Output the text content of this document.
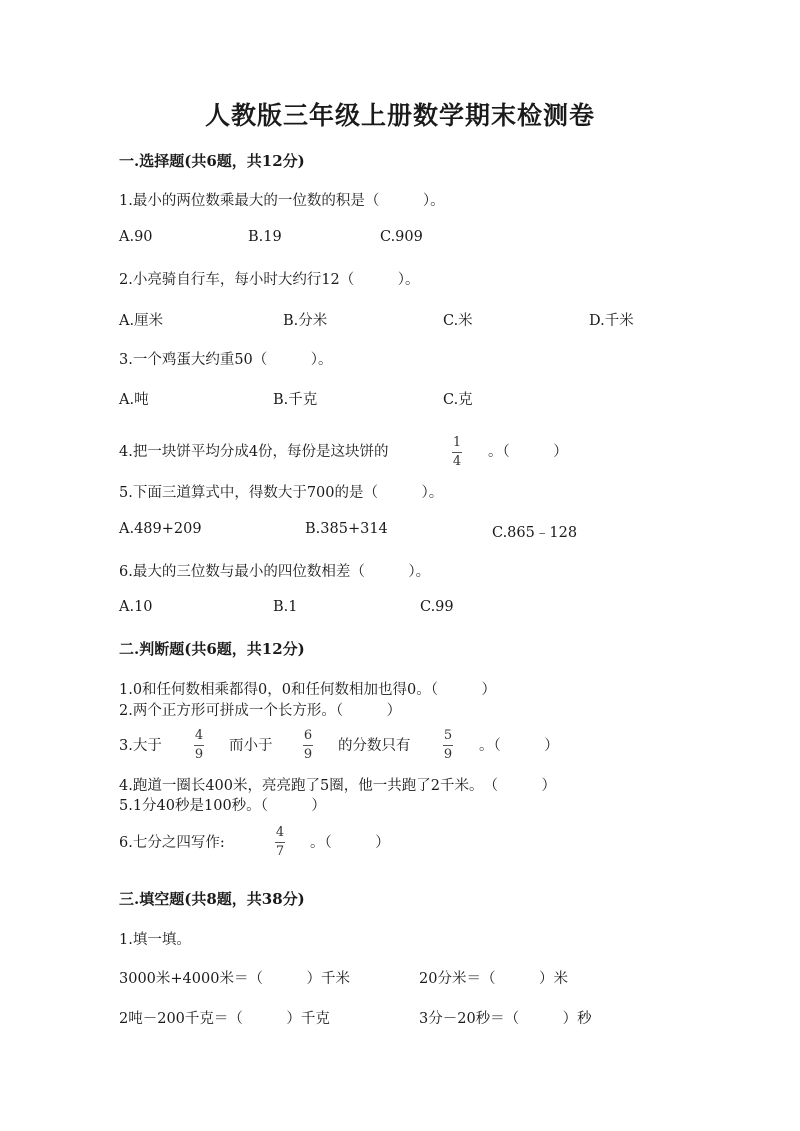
人教版三年级上册数学期末检测卷
一.选择题(共6题，共12分)
1.最小的两位数乘最大的一位数的积是（　　　）。
A.90	B.19	C.909
2.小亮骑自行车，每小时大约行12（　　　）。
A.厘米	B.分米	C.米	D.千米
3.一个鸡蛋大约重50（　　　）。
A.吨	B.千克	C.克
4.把一块饼平均分成4份，每份是这块饼的
1
4
。（　　　）
5.下面三道算式中，得数大于700的是（　　　）。
A.489+209	B.385+314	C.865﹣128
6.最大的三位数与最小的四位数相差（　　　）。
A.10	B.1	C.99
二.判断题(共6题，共12分)
1.0和任何数相乘都得0，0和任何数相加也得0。（　　　）
2.两个正方形可拼成一个长方形。（　　　）
3.大于
4
9
而小于
6
9
的分数只有
5
9
。（　　　）
4.跑道一圈长400米，亮亮跑了5圈，他一共跑了2千米。　（　　　）
5.1分40秒是100秒。（　　　）
6.七分之四写作:
4
7
。（　　　）
三.填空题(共8题，共38分)
1.填一填。
3000米+4000米＝（　　　）千米	20分米＝（　　　）米
2吨－200千克＝（　　　）千克	3分－20秒＝（　　　）秒
